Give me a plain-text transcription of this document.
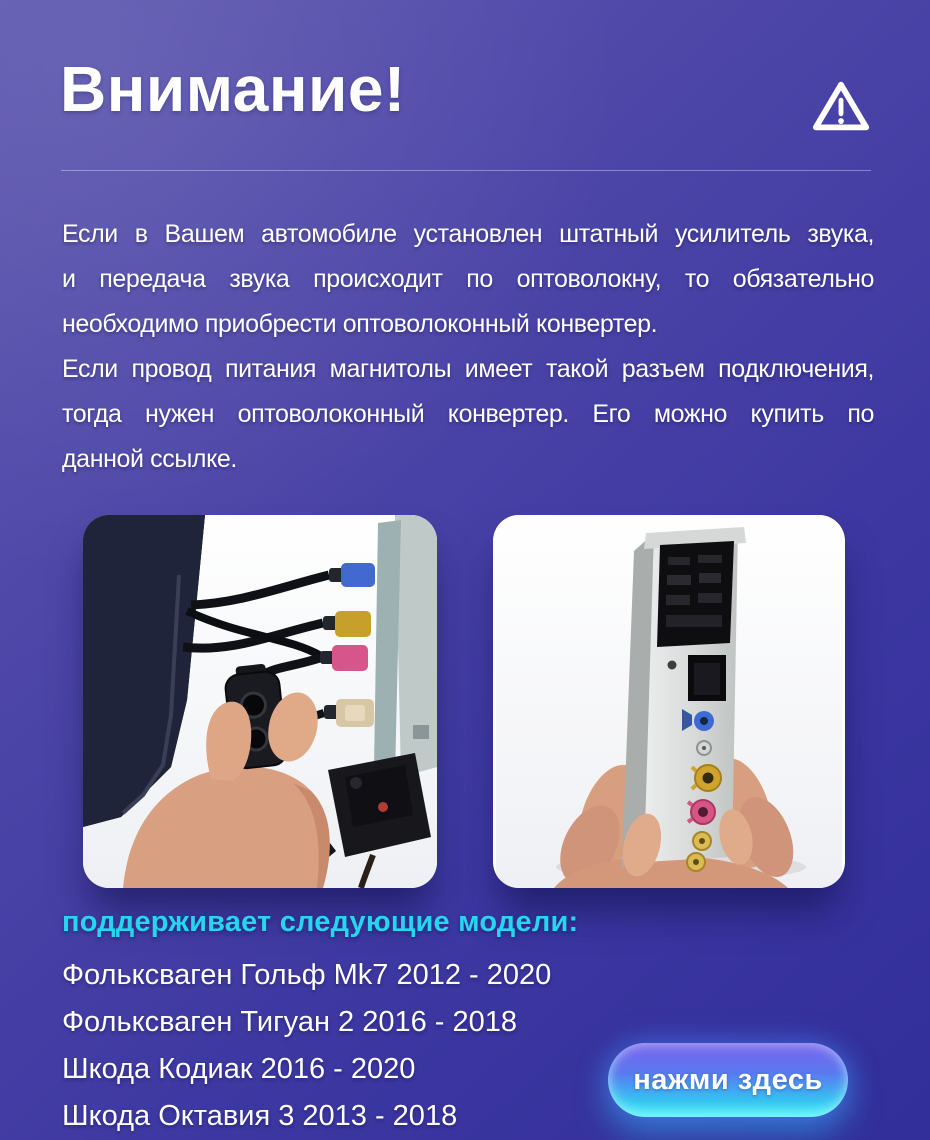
Внимание!
Если в Вашем автомобиле установлен штатный усилитель звука,
и передача звука происходит по оптоволокну, то обязательно
необходимо приобрести оптоволоконный конвертер.
Если провод питания магнитолы имеет такой разъем подключения,
тогда нужен оптоволоконный конвертер. Его можно купить по
данной ссылке.
поддерживает следующие модели:
Фольксваген Гольф Mk7 2012 - 2020
Фольксваген Тигуан 2 2016 - 2018
Шкода Кодиак 2016 - 2020
Шкода Октавия 3 2013 - 2018
нажми здесь
